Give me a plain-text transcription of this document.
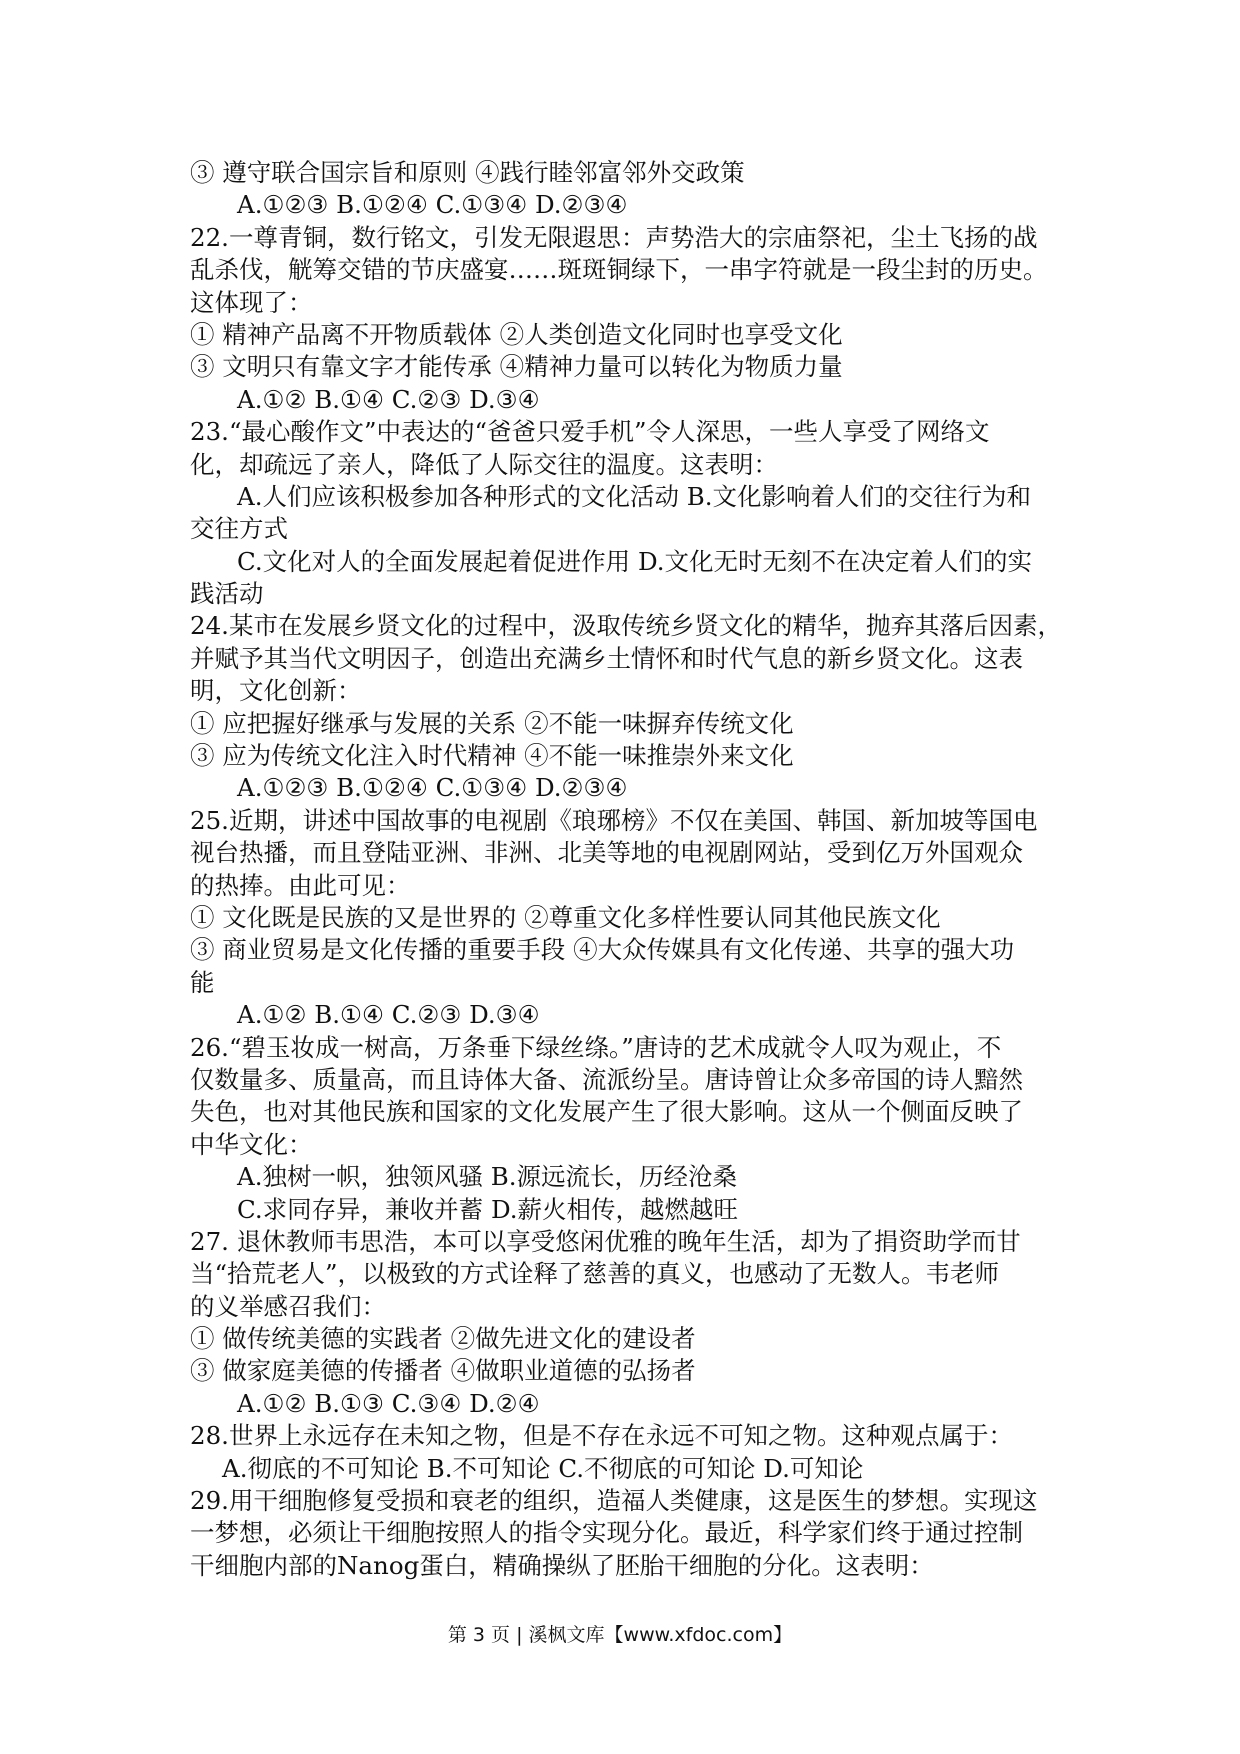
③ 遵守联合国宗旨和原则 ④践行睦邻富邻外交政策
A.①②③ B.①②④ C.①③④ D.②③④
22.一尊青铜，数行铭文，引发无限遐思：声势浩大的宗庙祭祀，尘土飞扬的战
乱杀伐，觥筹交错的节庆盛宴……斑斑铜绿下，一串字符就是一段尘封的历史。
这体现了：
① 精神产品离不开物质载体 ②人类创造文化同时也享受文化
③ 文明只有靠文字才能传承 ④精神力量可以转化为物质力量
A.①② B.①④ C.②③ D.③④
23.“最心酸作文”中表达的“爸爸只爱手机”令人深思，一些人享受了网络文
化，却疏远了亲人，降低了人际交往的温度。这表明：
A.人们应该积极参加各种形式的文化活动 B.文化影响着人们的交往行为和
交往方式
C.文化对人的全面发展起着促进作用 D.文化无时无刻不在决定着人们的实
践活动
24.某市在发展乡贤文化的过程中，汲取传统乡贤文化的精华，抛弃其落后因素，
并赋予其当代文明因子，创造出充满乡土情怀和时代气息的新乡贤文化。这表
明，文化创新：
① 应把握好继承与发展的关系 ②不能一味摒弃传统文化
③ 应为传统文化注入时代精神 ④不能一味推崇外来文化
A.①②③ B.①②④ C.①③④ D.②③④
25.近期，讲述中国故事的电视剧《琅琊榜》不仅在美国、韩国、新加坡等国电
视台热播，而且登陆亚洲、非洲、北美等地的电视剧网站，受到亿万外国观众
的热捧。由此可见：
① 文化既是民族的又是世界的 ②尊重文化多样性要认同其他民族文化
③ 商业贸易是文化传播的重要手段 ④大众传媒具有文化传递、共享的强大功
能
A.①② B.①④ C.②③ D.③④
26.“碧玉妆成一树高，万条垂下绿丝绦。”唐诗的艺术成就令人叹为观止，不
仅数量多、质量高，而且诗体大备、流派纷呈。唐诗曾让众多帝国的诗人黯然
失色，也对其他民族和国家的文化发展产生了很大影响。这从一个侧面反映了
中华文化：
A.独树一帜，独领风骚 B.源远流长，历经沧桑
C.求同存异，兼收并蓄 D.薪火相传，越燃越旺
27. 退休教师韦思浩，本可以享受悠闲优雅的晚年生活，却为了捐资助学而甘
当“拾荒老人”，以极致的方式诠释了慈善的真义，也感动了无数人。韦老师
的义举感召我们：
① 做传统美德的实践者 ②做先进文化的建设者
③ 做家庭美德的传播者 ④做职业道德的弘扬者
A.①② B.①③ C.③④ D.②④
28.世界上永远存在未知之物，但是不存在永远不可知之物。这种观点属于：
A.彻底的不可知论 B.不可知论 C.不彻底的可知论 D.可知论
29.用干细胞修复受损和衰老的组织，造福人类健康，这是医生的梦想。实现这
一梦想，必须让干细胞按照人的指令实现分化。最近，科学家们终于通过控制
干细胞内部的Nanog蛋白，精确操纵了胚胎干细胞的分化。这表明：
第 3 页 | 溪枫文库【www.xfdoc.com】
